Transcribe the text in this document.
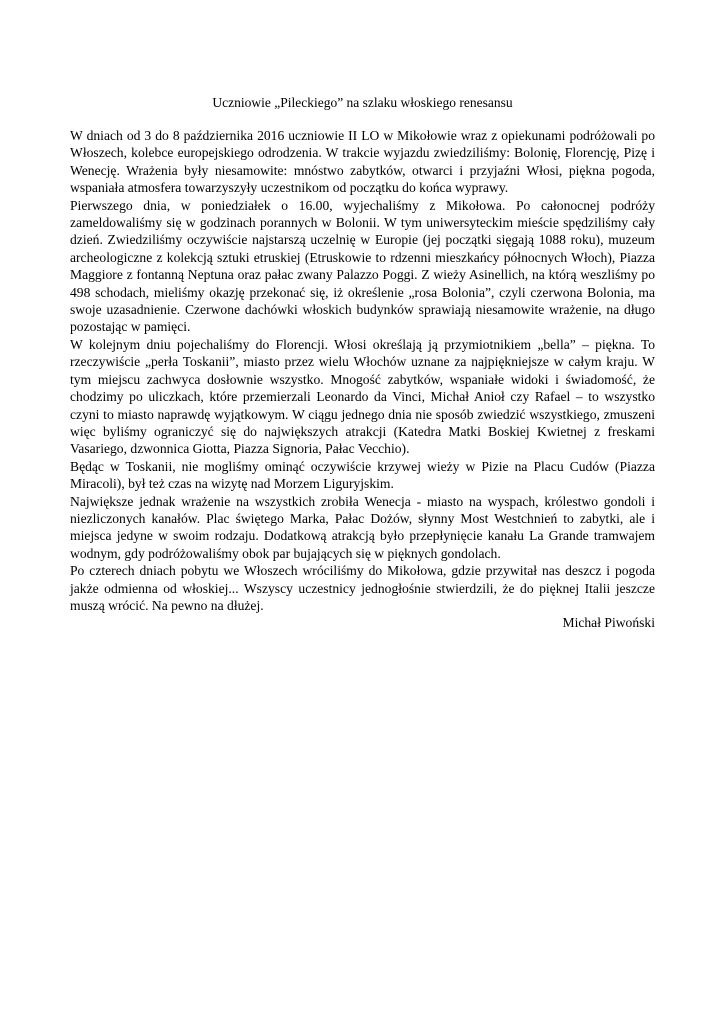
Uczniowie „Pileckiego” na szlaku włoskiego renesansu

W dniach od 3 do 8 października 2016 uczniowie II LO w Mikołowie wraz z opiekunami podróżowali po Włoszech, kolebce europejskiego odrodzenia. W trakcie wyjazdu zwiedziliśmy: Bolonię, Florencję, Pizę i Wenecję. Wrażenia były niesamowite: mnóstwo zabytków, otwarci i przyjaźni Włosi, piękna pogoda, wspaniała atmosfera towarzyszyły uczestnikom od początku do końca wyprawy.

Pierwszego dnia, w poniedziałek o 16.00, wyjechaliśmy z Mikołowa. Po całonocnej podróży zameldowaliśmy się w godzinach porannych w Bolonii. W tym uniwersyteckim mieście spędziliśmy cały dzień. Zwiedziliśmy oczywiście najstarszą uczelnię w Europie (jej początki sięgają 1088 roku), muzeum archeologiczne z kolekcją sztuki etruskiej (Etruskowie to rdzenni mieszkańcy północnych Włoch), Piazza Maggiore z fontanną Neptuna oraz pałac zwany Palazzo Poggi. Z wieży Asinellich, na którą weszliśmy po 498 schodach, mieliśmy okazję przekonać się, iż określenie „rosa Bolonia”, czyli czerwona Bolonia, ma swoje uzasadnienie. Czerwone dachówki włoskich budynków sprawiają niesamowite wrażenie, na długo pozostając w pamięci.

W kolejnym dniu pojechaliśmy do Florencji. Włosi określają ją przymiotnikiem „bella” – piękna. To rzeczywiście „perła Toskanii”, miasto przez wielu Włochów uznane za najpiękniejsze w całym kraju. W tym miejscu zachwyca dosłownie wszystko. Mnogość zabytków, wspaniałe widoki i świadomość, że chodzimy po uliczkach, które przemierzali Leonardo da Vinci, Michał Anioł czy Rafael – to wszystko czyni to miasto naprawdę wyjątkowym. W ciągu jednego dnia nie sposób zwiedzić wszystkiego, zmuszeni więc byliśmy ograniczyć się do największych atrakcji (Katedra Matki Boskiej Kwietnej z freskami Vasariego, dzwonnica Giotta, Piazza Signoria, Pałac Vecchio).

Będąc w Toskanii, nie mogliśmy ominąć oczywiście krzywej wieży w Pizie na Placu Cudów (Piazza Miracoli), był też czas na wizytę nad Morzem Liguryjskim.

Największe jednak wrażenie na wszystkich zrobiła Wenecja - miasto na wyspach, królestwo gondoli i niezliczonych kanałów. Plac świętego Marka, Pałac Dożów, słynny Most Westchnień to zabytki, ale i miejsca jedyne w swoim rodzaju. Dodatkową atrakcją było przepłynięcie kanału La Grande tramwajem wodnym, gdy podróżowaliśmy obok par bujających się w pięknych gondolach.

Po czterech dniach pobytu we Włoszech wróciliśmy do Mikołowa, gdzie przywitał nas deszcz i pogoda jakże odmienna od włoskiej... Wszyscy uczestnicy jednogłośnie stwierdzili, że do pięknej Italii jeszcze muszą wrócić. Na pewno na dłużej.

Michał Piwoński
